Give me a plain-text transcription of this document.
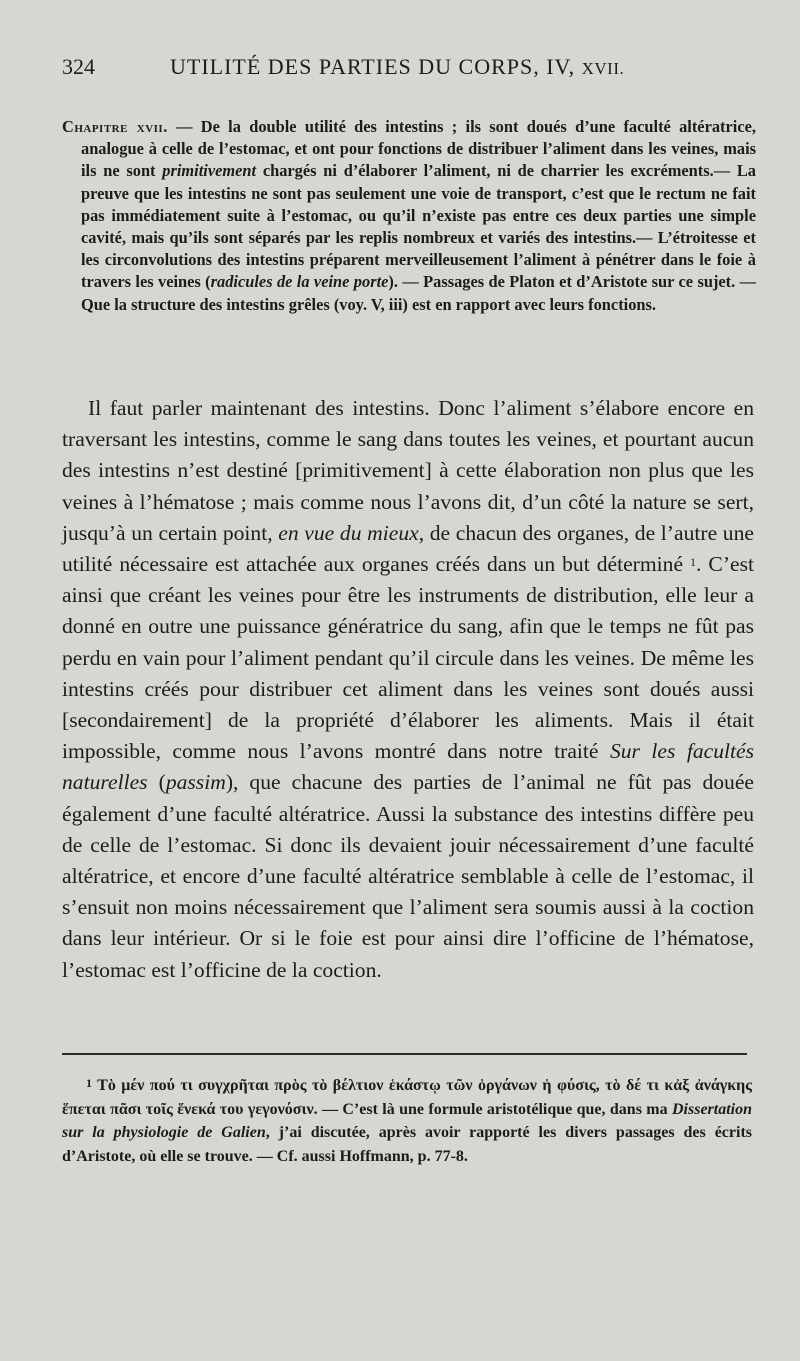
324	UTILITÉ DES PARTIES DU CORPS, IV, XVII.

Chapitre xvii. — De la double utilité des intestins ; ils sont doués d’une faculté altératrice, analogue à celle de l’estomac, et ont pour fonctions de distribuer l’aliment dans les veines, mais ils ne sont primitivement chargés ni d’élaborer l’aliment, ni de charrier les excréments.— La preuve que les intestins ne sont pas seulement une voie de transport, c’est que le rectum ne fait pas immédiatement suite à l’estomac, ou qu’il n’existe pas entre ces deux parties une simple cavité, mais qu’ils sont séparés par les replis nombreux et variés des intestins.— L’étroitesse et les circonvolutions des intestins préparent merveilleusement l’aliment à pénétrer dans le foie à travers les veines (radicules de la veine porte). — Passages de Platon et d’Aristote sur ce sujet. — Que la structure des intestins grêles (voy. V, iii) est en rapport avec leurs fonctions.

Il faut parler maintenant des intestins. Donc l’aliment s’élabore encore en traversant les intestins, comme le sang dans toutes les veines, et pourtant aucun des intestins n’est destiné [primitivement] à cette élaboration non plus que les veines à l’hématose ; mais comme nous l’avons dit, d’un côté la nature se sert, jusqu’à un certain point, en vue du mieux, de chacun des organes, de l’autre une utilité nécessaire est attachée aux organes créés dans un but déterminé $^1$. C’est ainsi que créant les veines pour être les instruments de distribution, elle leur a donné en outre une puissance génératrice du sang, afin que le temps ne fût pas perdu en vain pour l’aliment pendant qu’il circule dans les veines. De même les intestins créés pour distribuer cet aliment dans les veines sont doués aussi [secondairement] de la propriété d’élaborer les aliments. Mais il était impossible, comme nous l’avons montré dans notre traité Sur les facultés naturelles (passim), que chacune des parties de l’animal ne fût pas douée également d’une faculté altératrice. Aussi la substance des intestins diffère peu de celle de l’estomac. Si donc ils devaient jouir nécessairement d’une faculté altératrice, et encore d’une faculté altératrice semblable à celle de l’estomac, il s’ensuit non moins nécessairement que l’aliment sera soumis aussi à la coction dans leur intérieur. Or si le foie est pour ainsi dire l’officine de l’hématose, l’estomac est l’officine de la coction.

$^1$ Τὸ μέν πού τι συγχρῆται πρὸς τὸ βέλτιον ἑκάστῳ τῶν ὀργάνων ἡ φύσις, τὸ δέ τι κἀξ ἀνάγκης ἕπεται πᾶσι τοῖς ἕνεκά του γεγονόσιν. — C’est là une formule aristotélique que, dans ma Dissertation sur la physiologie de Galien, j’ai discutée, après avoir rapporté les divers passages des écrits d’Aristote, où elle se trouve. — Cf. aussi Hoffmann, p. 77-8.
